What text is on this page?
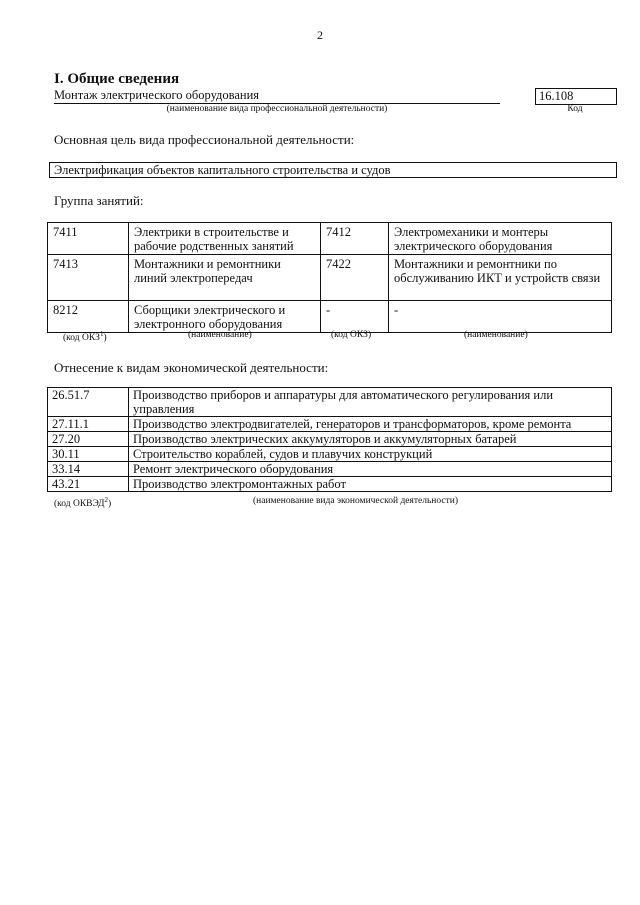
2
I. Общие сведения
Монтаж электрического оборудования
(наименование вида профессиональной деятельности)
16.108
Код
Основная цель вида профессиональной деятельности:
Электрификация объектов капитального строительства и судов
Группа занятий:
7411	Электрики в строительстве и рабочие родственных занятий	7412	Электромеханики и монтеры электрического оборудования
7413	Монтажники и ремонтники линий электропередач	7422	Монтажники и ремонтники по обслуживанию ИКТ и устройств связи
8212	Сборщики электрического и электронного оборудования	-	-
(код ОКЗ$^1$)	(наименование)	(код ОКЗ)	(наименование)
Отнесение к видам экономической деятельности:
26.51.7	Производство приборов и аппаратуры для автоматического регулирования или управления
27.11.1	Производство электродвигателей, генераторов и трансформаторов, кроме ремонта
27.20	Производство электрических аккумуляторов и аккумуляторных батарей
30.11	Строительство кораблей, судов и плавучих конструкций
33.14	Ремонт электрического оборудования
43.21	Производство электромонтажных работ
(код ОКВЭД$^2$)	(наименование вида экономической деятельности)
